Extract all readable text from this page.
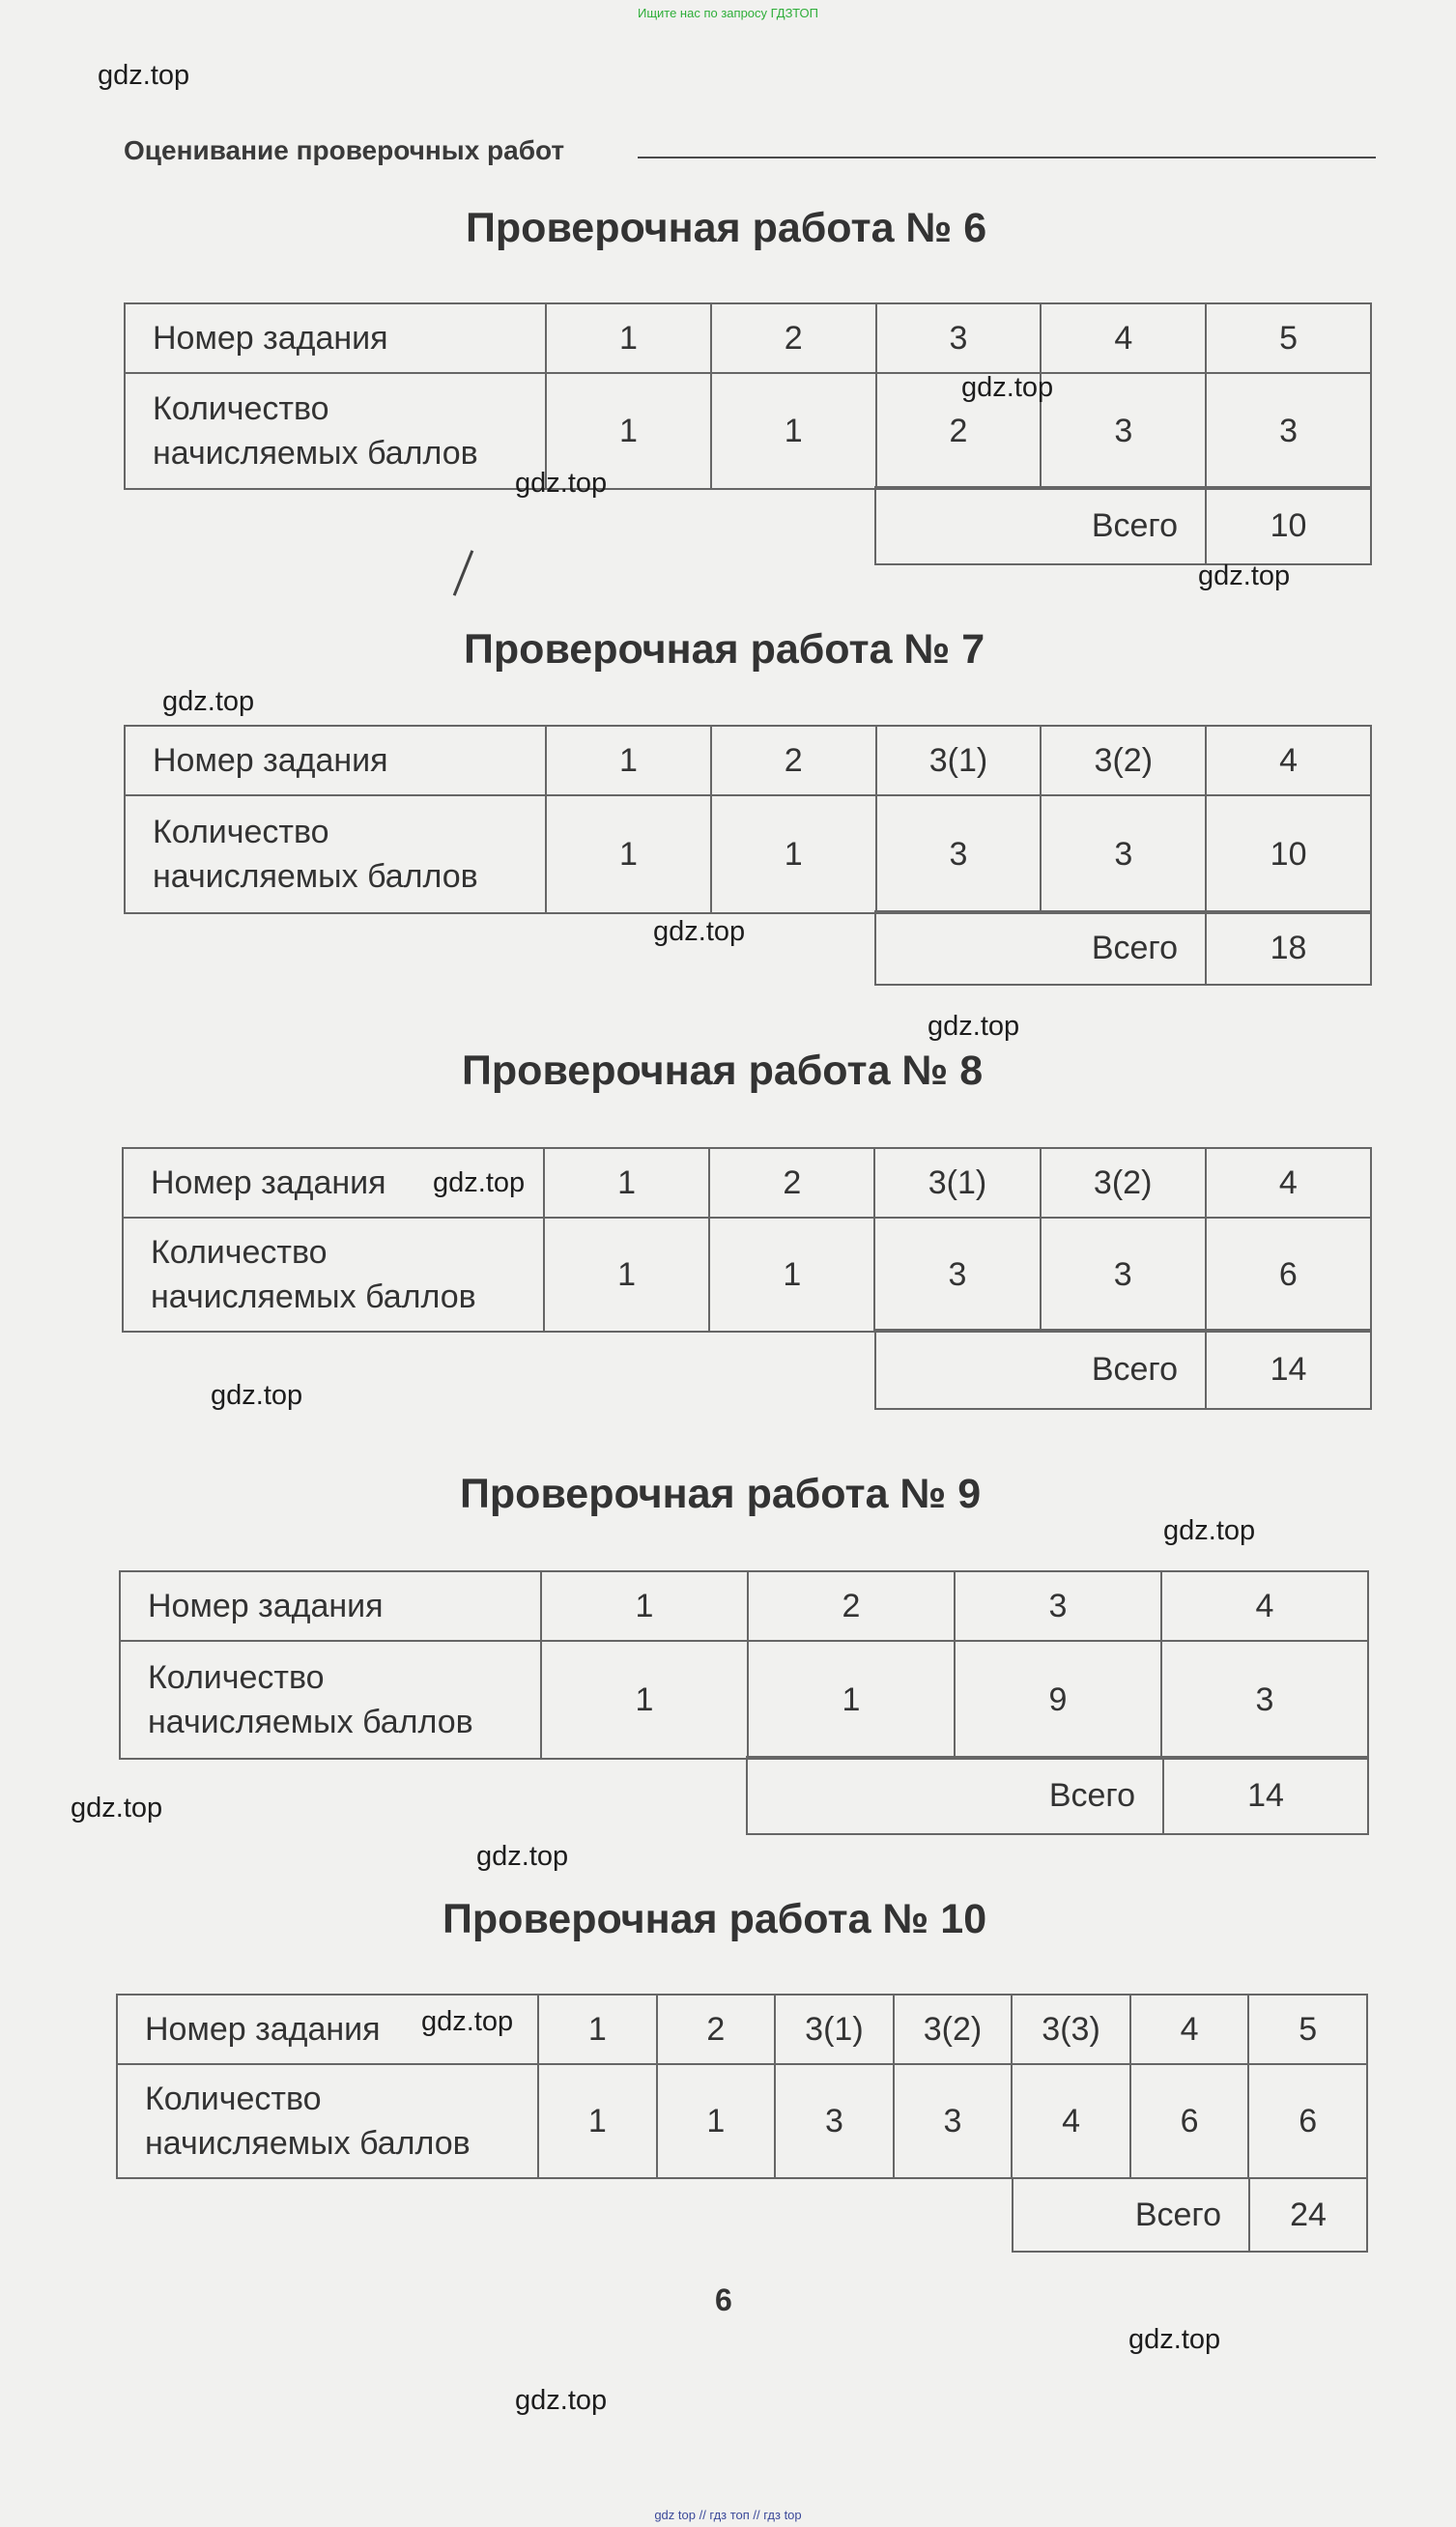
Ищите нас по запросу ГДЗТОП
Оценивание проверочных работ
Проверочная работа № 6
Номер задания	1	2	3	4	5
Количество
начисляемых баллов	1	1	2	3	3
Всего	10
Проверочная работа № 7
Номер задания	1	2	3(1)	3(2)	4
Количество
начисляемых баллов	1	1	3	3	10
Всего	18
Проверочная работа № 8
Номер задания	1	2	3(1)	3(2)	4
Количество
начисляемых баллов	1	1	3	3	6
Всего	14
Проверочная работа № 9
Номер задания	1	2	3	4
Количество
начисляемых баллов	1	1	9	3
Всего	14
Проверочная работа № 10
Номер задания	1	2	3(1)	3(2)	3(3)	4	5
Количество
начисляемых баллов	1	1	3	3	4	6	6
Всего	24
6
gdz.top
gdz.top
gdz.top
gdz.top
gdz.top
gdz.top
gdz.top
gdz.top
gdz.top
gdz.top
gdz.top
gdz.top
gdz.top
gdz.top
gdz.top
gdz top // гдз топ // гдз top
